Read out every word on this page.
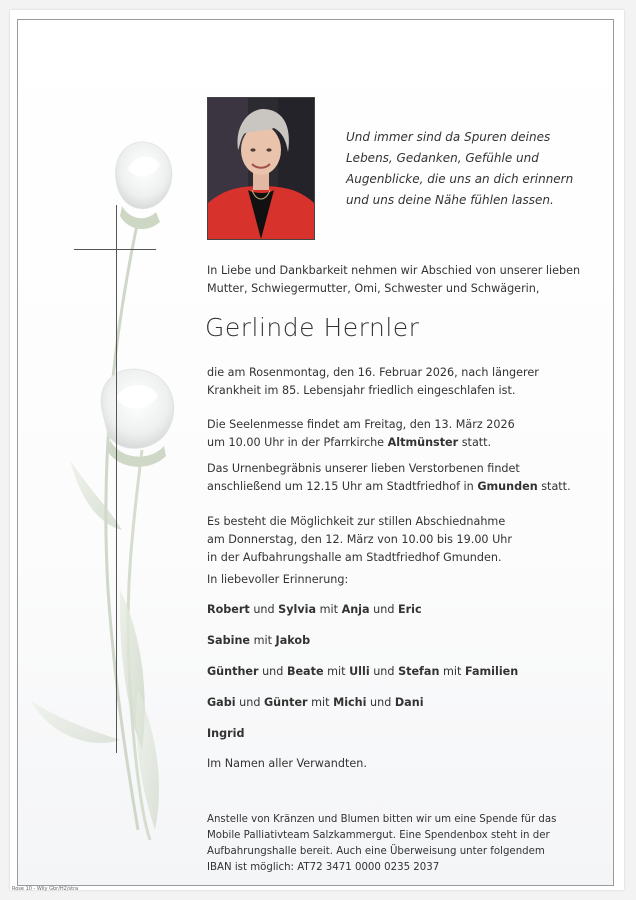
Und immer sind da Spuren deines
Lebens, Gedanken, Gefühle und
Augenblicke, die uns an dich erinnern
und uns deine Nähe fühlen lassen.
In Liebe und Dankbarkeit nehmen wir Abschied von unserer lieben
Mutter, Schwiegermutter, Omi, Schwester und Schwägerin,
Gerlinde Hernler
die am Rosenmontag, den 16. Februar 2026, nach längerer
Krankheit im 85. Lebensjahr friedlich eingeschlafen ist.
Die Seelenmesse findet am Freitag, den 13. März 2026
um 10.00 Uhr in der Pfarrkirche Altmünster statt.
Das Urnenbegräbnis unserer lieben Verstorbenen findet
anschließend um 12.15 Uhr am Stadtfriedhof in Gmunden statt.
Es besteht die Möglichkeit zur stillen Abschiednahme
am Donnerstag, den 12. März von 10.00 bis 19.00 Uhr
in der Aufbahrungshalle am Stadtfriedhof Gmunden.
In liebevoller Erinnerung:
Robert und Sylvia mit Anja und Eric
Sabine mit Jakob
Günther und Beate mit Ulli und Stefan mit Familien
Gabi und Günter mit Michi und Dani
Ingrid
Im Namen aller Verwandten.
Anstelle von Kränzen und Blumen bitten wir um eine Spende für das
Mobile Palliativteam Salzkammergut. Eine Spendenbox steht in der
Aufbahrungshalle bereit. Auch eine Überweisung unter folgendem
IBAN ist möglich: AT72 3471 0000 0235 2037
Rose 10 - Wily Gbr/H2/stra
